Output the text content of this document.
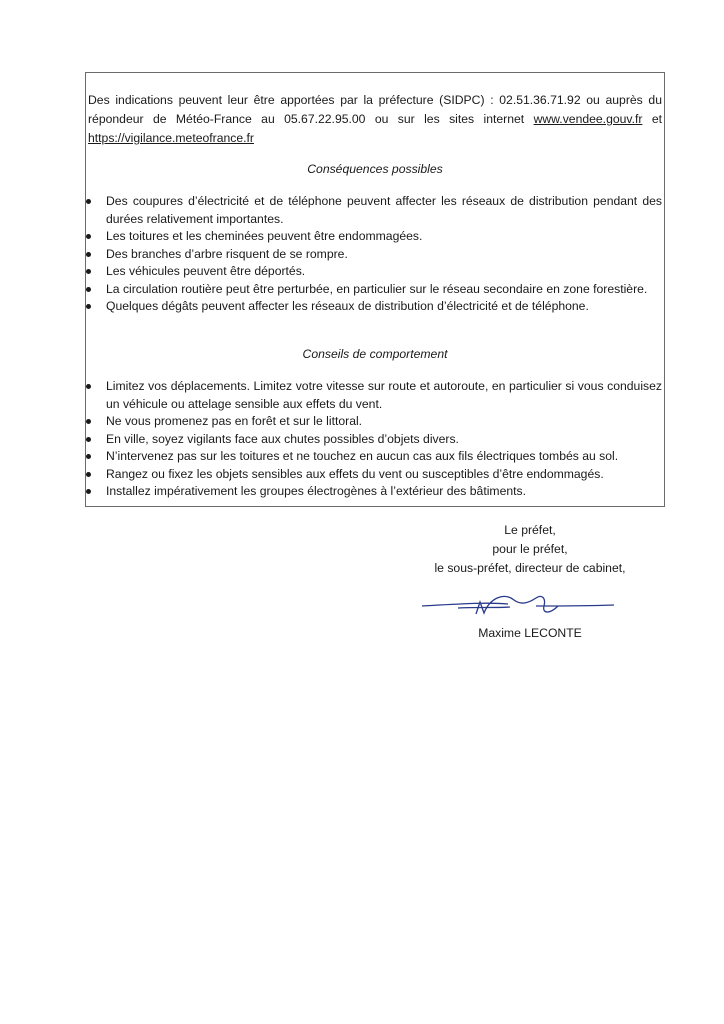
Des indications peuvent leur être apportées par la préfecture (SIDPC) : 02.51.36.71.92 ou auprès du répondeur de Météo-France au 05.67.22.95.00 ou sur les sites internet www.vendee.gouv.fr et https://vigilance.meteofrance.fr
Conséquences possibles
Des coupures d’électricité et de téléphone peuvent affecter les réseaux de distribution pendant des durées relativement importantes.
Les toitures et les cheminées peuvent être endommagées.
Des branches d’arbre risquent de se rompre.
Les véhicules peuvent être déportés.
La circulation routière peut être perturbée, en particulier sur le réseau secondaire en zone forestière.
Quelques dégâts peuvent affecter les réseaux de distribution d’électricité et de téléphone.
Conseils de comportement
Limitez vos déplacements. Limitez votre vitesse sur route et autoroute, en particulier si vous conduisez un véhicule ou attelage sensible aux effets du vent.
Ne vous promenez pas en forêt et sur le littoral.
En ville, soyez vigilants face aux chutes possibles d’objets divers.
N’intervenez pas sur les toitures et ne touchez en aucun cas aux fils électriques tombés au sol.
Rangez ou fixez les objets sensibles aux effets du vent ou susceptibles d’être endommagés.
Installez impérativement les groupes électrogènes à l’extérieur des bâtiments.
Le préfet,
pour le préfet,
le sous-préfet, directeur de cabinet,
Maxime LECONTE
